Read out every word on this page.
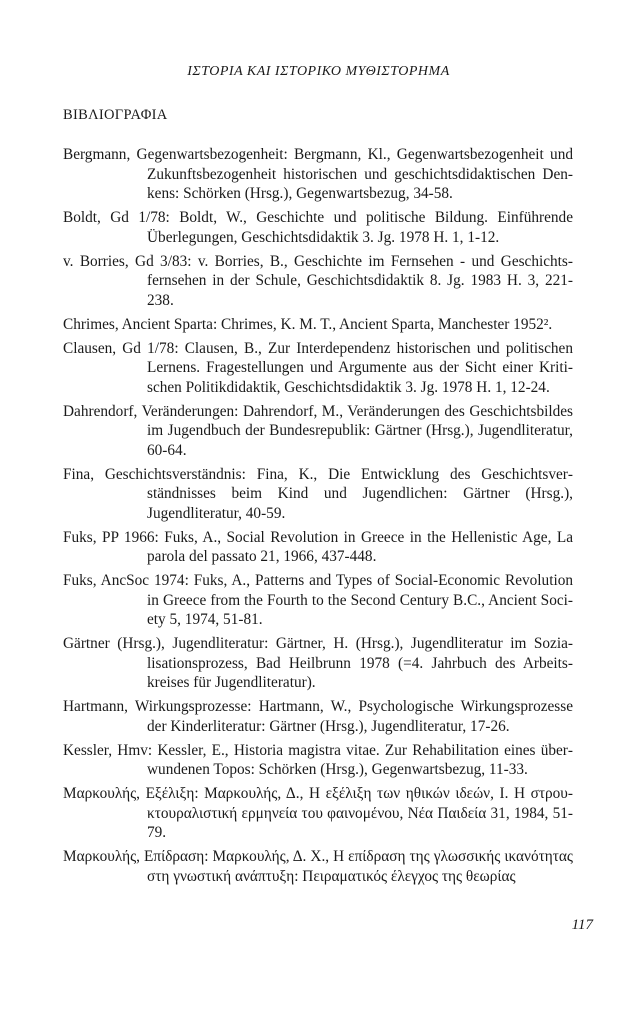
ΙΣΤΟΡΙΑ ΚΑΙ ΙΣΤΟΡΙΚΟ ΜΥΘΙΣΤΟΡΗΜΑ
ΒΙΒΛΙΟΓΡΑΦΙΑ

Bergmann, Gegenwartsbezogenheit: Bergmann, Kl., Gegenwartsbezogenheit und Zukunftsbezogenheit historischen und geschichtsdidaktischen Denkens: Schörken (Hrsg.), Gegenwartsbezug, 34-58.

Boldt, Gd 1/78: Boldt, W., Geschichte und politische Bildung. Einführende Überlegungen, Geschichtsdidaktik 3. Jg. 1978 H. 1, 1-12.

v. Borries, Gd 3/83: v. Borries, B., Geschichte im Fernsehen - und Geschichtsfernsehen in der Schule, Geschichtsdidaktik 8. Jg. 1983 H. 3, 221-238.

Chrimes, Ancient Sparta: Chrimes, K. M. T., Ancient Sparta, Manchester 1952².

Clausen, Gd 1/78: Clausen, B., Zur Interdependenz historischen und politischen Lernens. Fragestellungen und Argumente aus der Sicht einer Kritischen Politikdidaktik, Geschichtsdidaktik 3. Jg. 1978 H. 1, 12-24.

Dahrendorf, Veränderungen: Dahrendorf, M., Veränderungen des Geschichtsbildes im Jugendbuch der Bundesrepublik: Gärtner (Hrsg.), Jugendliteratur, 60-64.

Fina, Geschichtsverständnis: Fina, K., Die Entwicklung des Geschichtsverständnisses beim Kind und Jugendlichen: Gärtner (Hrsg.), Jugendliteratur, 40-59.

Fuks, PP 1966: Fuks, A., Social Revolution in Greece in the Hellenistic Age, La parola del passato 21, 1966, 437-448.

Fuks, AncSoc 1974: Fuks, A., Patterns and Types of Social-Economic Revolution in Greece from the Fourth to the Second Century B.C., Ancient Society 5, 1974, 51-81.

Gärtner (Hrsg.), Jugendliteratur: Gärtner, H. (Hrsg.), Jugendliteratur im Sozialisationsprozess, Bad Heilbrunn 1978 (=4. Jahrbuch des Arbeitskreises für Jugendliteratur).

Hartmann, Wirkungsprozesse: Hartmann, W., Psychologische Wirkungsprozesse der Kinderliteratur: Gärtner (Hrsg.), Jugendliteratur, 17-26.

Kessler, Hmv: Kessler, E., Historia magistra vitae. Zur Rehabilitation eines überwundenen Topos: Schörken (Hrsg.), Gegenwartsbezug, 11-33.

Μαρκουλής, Εξέλιξη: Μαρκουλής, Δ., Η εξέλιξη των ηθικών ιδεών, Ι. Η στρουκτουραλιστική ερμηνεία του φαινομένου, Νέα Παιδεία 31, 1984, 51-79.

Μαρκουλής, Επίδραση: Μαρκουλής, Δ. Χ., Η επίδραση της γλωσσικής ικανότητας στη γνωστική ανάπτυξη: Πειραματικός έλεγχος της θεωρίας

117
